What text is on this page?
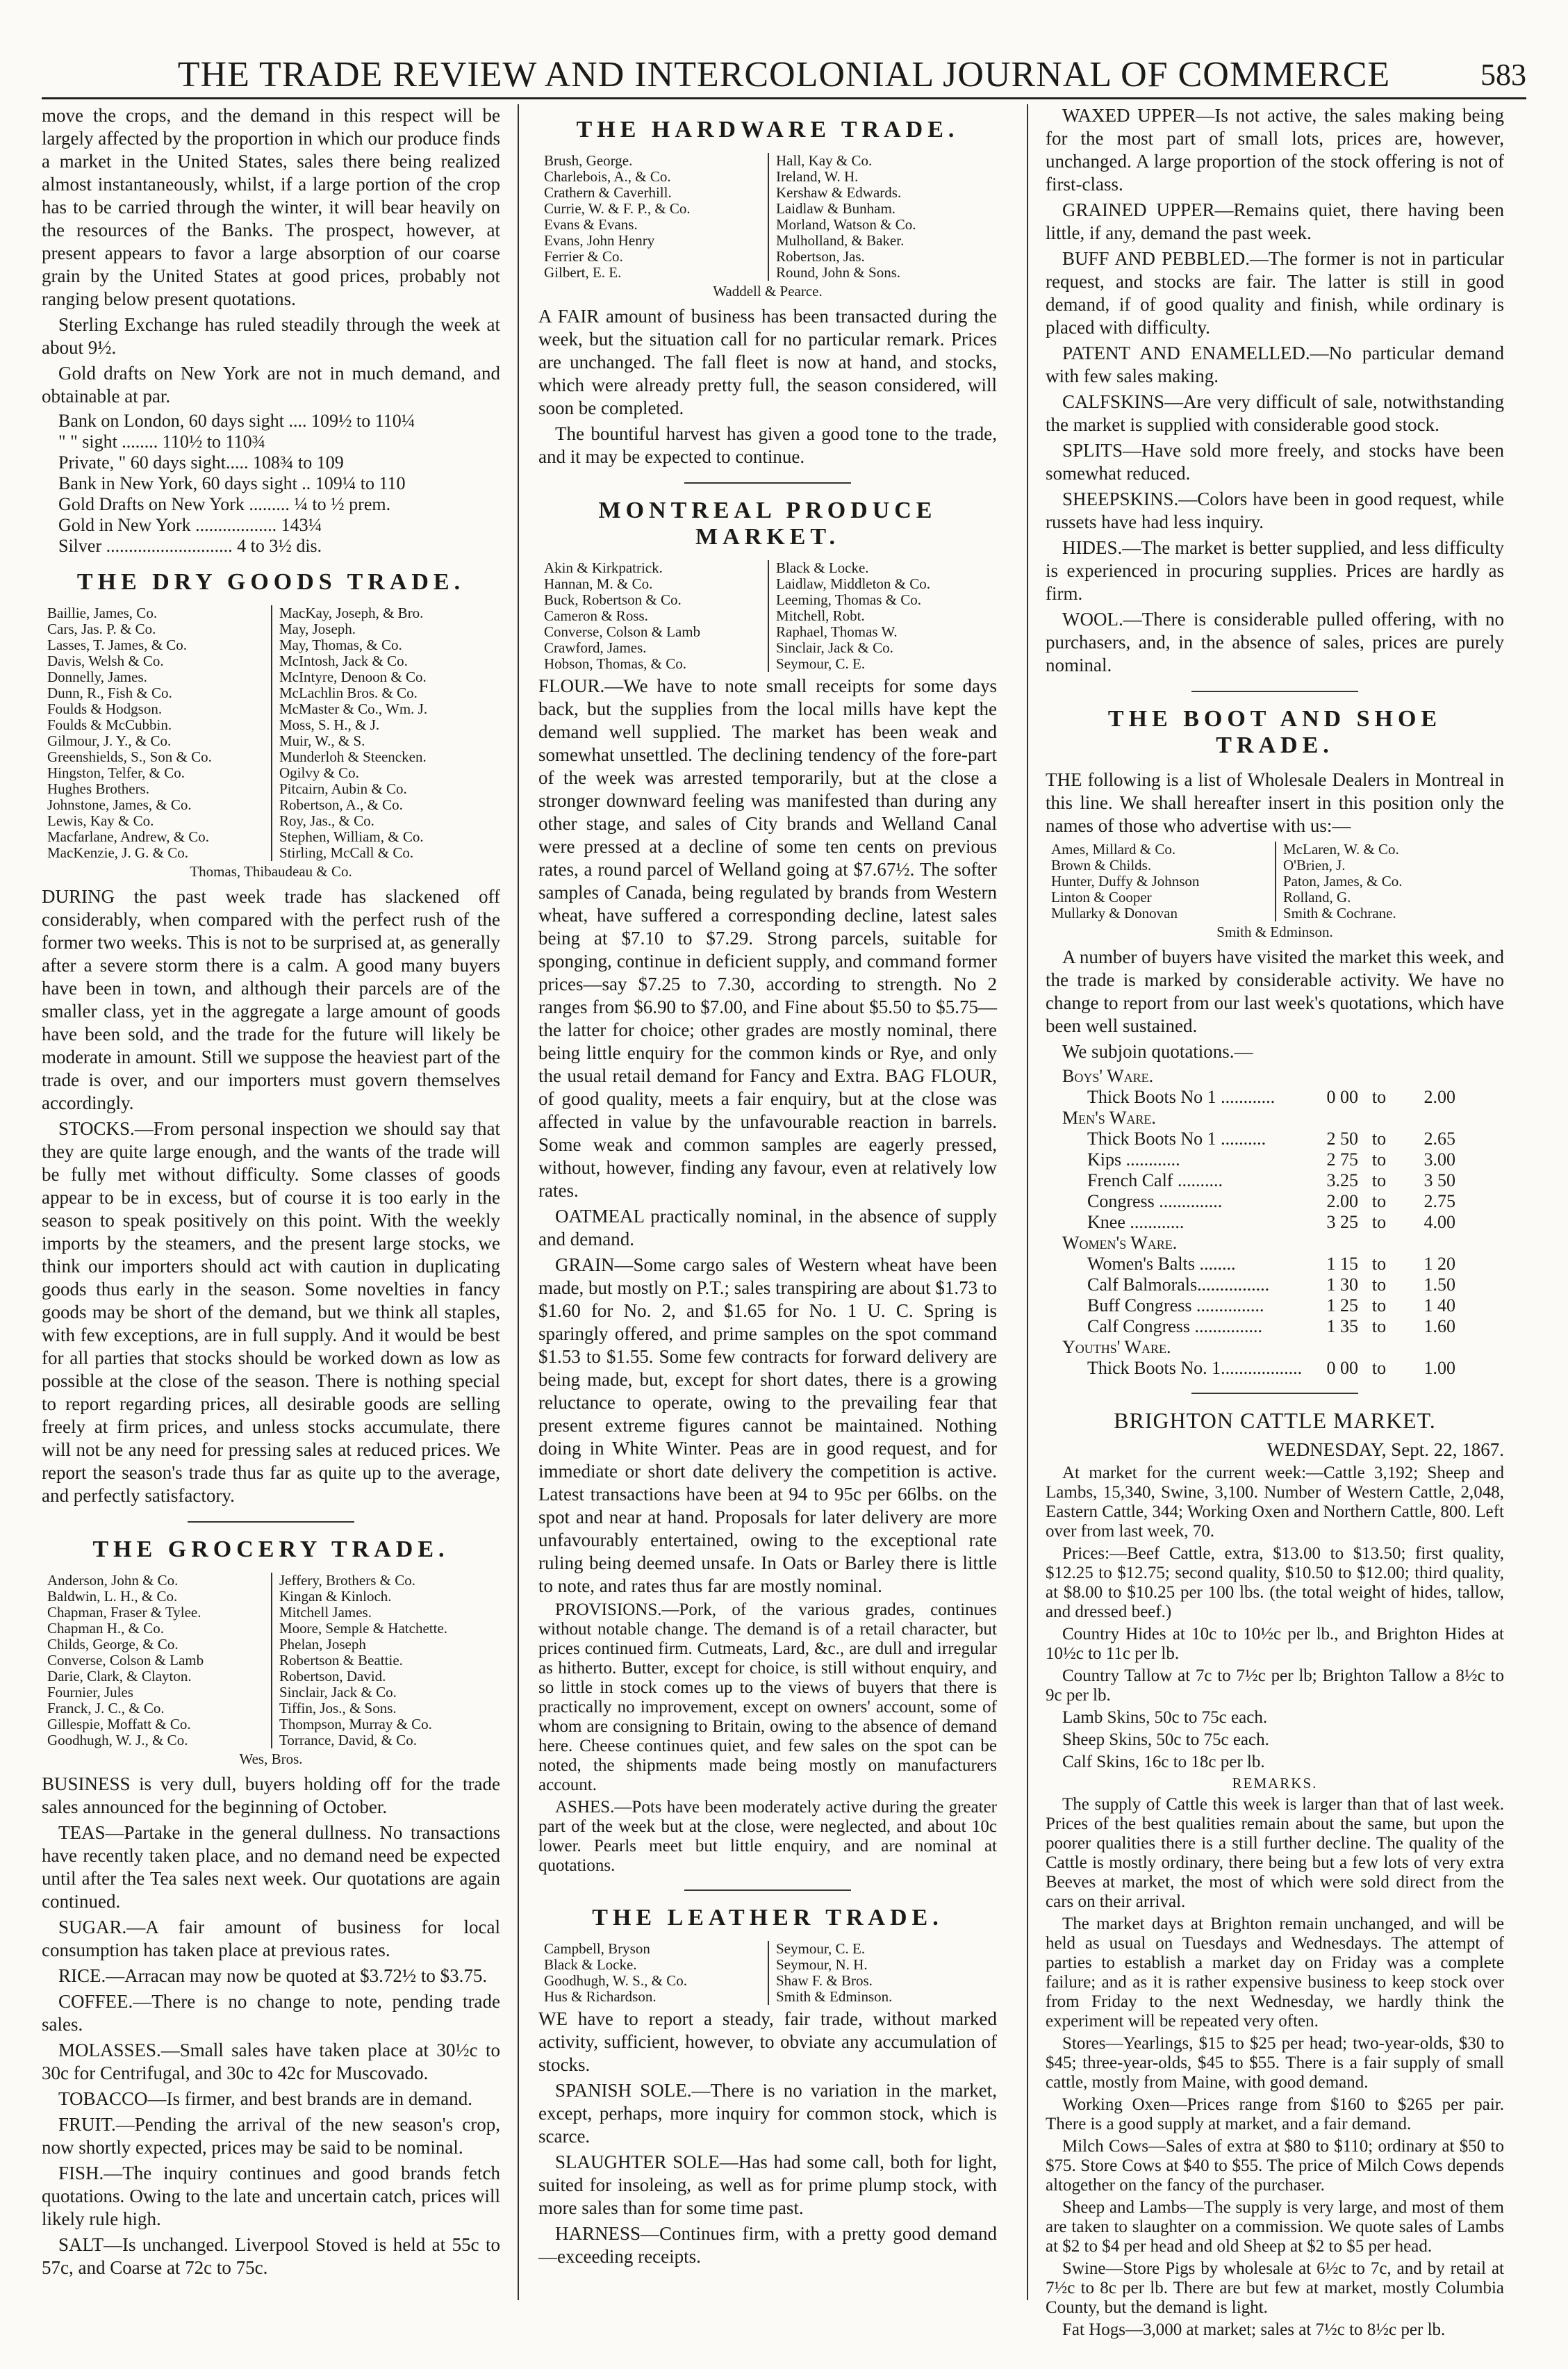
THE TRADE REVIEW AND INTERCOLONIAL JOURNAL OF COMMERCE	583

move the crops, and the demand in this respect will be largely affected by the proportion in which our produce finds a market in the United States, sales there being realized almost instantaneously, whilst, if a large portion of the crop has to be carried through the winter, it will bear heavily on the resources of the Banks. The prospect, however, at present appears to favor a large absorption of our coarse grain by the United States at good prices, probably not ranging below present quotations.

Sterling Exchange has ruled steadily through the week at about 9½.

Gold drafts on New York are not in much demand, and obtainable at par.

Bank on London, 60 days sight .... 109½ to 110¼
" " sight ........ 110½ to 110¾
Private, " 60 days sight..... 108¾ to 109
Bank in New York, 60 days sight .. 109¼ to 110
Gold Drafts on New York ......... ¼ to ½ prem.
Gold in New York .................. 143¼
Silver ............................ 4 to 3½ dis.
THE DRY GOODS TRADE.
Baillie, James, Co.
Cars, Jas. P. & Co.
Lasses, T. James, & Co.
Davis, Welsh & Co.
Donnelly, James.
Dunn, R., Fish & Co.
Foulds & Hodgson.
Foulds & McCubbin.
Gilmour, J. Y., & Co.
Greenshields, S., Son & Co.
Hingston, Telfer, & Co.
Hughes Brothers.
Johnstone, James, & Co.
Lewis, Kay & Co.
Macfarlane, Andrew, & Co.
MacKenzie, J. G. & Co.
MacKay, Joseph, & Bro.
May, Joseph.
May, Thomas, & Co.
McIntosh, Jack & Co.
McIntyre, Denoon & Co.
McLachlin Bros. & Co.
McMaster & Co., Wm. J.
Moss, S. H., & J.
Muir, W., & S.
Munderloh & Steencken.
Ogilvy & Co.
Pitcairn, Aubin & Co.
Robertson, A., & Co.
Roy, Jas., & Co.
Stephen, William, & Co.
Stirling, McCall & Co.
Thomas, Thibaudeau & Co.

DURING the past week trade has slackened off considerably, when compared with the perfect rush of the former two weeks. This is not to be surprised at, as generally after a severe storm there is a calm. A good many buyers have been in town, and although their parcels are of the smaller class, yet in the aggregate a large amount of goods have been sold, and the trade for the future will likely be moderate in amount. Still we suppose the heaviest part of the trade is over, and our importers must govern themselves accordingly.

STOCKS.—From personal inspection we should say that they are quite large enough, and the wants of the trade will be fully met without difficulty. Some classes of goods appear to be in excess, but of course it is too early in the season to speak positively on this point. With the weekly imports by the steamers, and the present large stocks, we think our importers should act with caution in duplicating goods thus early in the season. Some novelties in fancy goods may be short of the demand, but we think all staples, with few exceptions, are in full supply. And it would be best for all parties that stocks should be worked down as low as possible at the close of the season. There is nothing special to report regarding prices, all desirable goods are selling freely at firm prices, and unless stocks accumulate, there will not be any need for pressing sales at reduced prices. We report the season's trade thus far as quite up to the average, and perfectly satisfactory.

THE GROCERY TRADE.
Anderson, John & Co.
Baldwin, L. H., & Co.
Chapman, Fraser & Tylee.
Chapman H., & Co.
Childs, George, & Co.
Converse, Colson & Lamb
Darie, Clark, & Clayton.
Fournier, Jules
Franck, J. C., & Co.
Gillespie, Moffatt & Co.
Goodhugh, W. J., & Co.
Jeffery, Brothers & Co.
Kingan & Kinloch.
Mitchell James.
Moore, Semple & Hatchette.
Phelan, Joseph
Robertson & Beattie.
Robertson, David.
Sinclair, Jack & Co.
Tiffin, Jos., & Sons.
Thompson, Murray & Co.
Torrance, David, & Co.
Wes, Bros.

BUSINESS is very dull, buyers holding off for the trade sales announced for the beginning of October.

TEAS—Partake in the general dullness. No transactions have recently taken place, and no demand need be expected until after the Tea sales next week. Our quotations are again continued.

SUGAR.—A fair amount of business for local consumption has taken place at previous rates.

RICE.—Arracan may now be quoted at $3.72½ to $3.75.

COFFEE.—There is no change to note, pending trade sales.

MOLASSES.—Small sales have taken place at 30½c to 30c for Centrifugal, and 30c to 42c for Muscovado.

TOBACCO—Is firmer, and best brands are in demand.

FRUIT.—Pending the arrival of the new season's crop, now shortly expected, prices may be said to be nominal.

FISH.—The inquiry continues and good brands fetch quotations. Owing to the late and uncertain catch, prices will likely rule high.

SALT—Is unchanged. Liverpool Stoved is held at 55c to 57c, and Coarse at 72c to 75c.

THE HARDWARE TRADE.
Brush, George.
Charlebois, A., & Co.
Crathern & Caverhill.
Currie, W. & F. P., & Co.
Evans & Evans.
Evans, John Henry
Ferrier & Co.
Gilbert, E. E.
Hall, Kay & Co.
Ireland, W. H.
Kershaw & Edwards.
Laidlaw & Bunham.
Morland, Watson & Co.
Mulholland, & Baker.
Robertson, Jas.
Round, John & Sons.
Waddell & Pearce.

A FAIR amount of business has been transacted during the week, but the situation call for no particular remark. Prices are unchanged. The fall fleet is now at hand, and stocks, which were already pretty full, the season considered, will soon be completed.

The bountiful harvest has given a good tone to the trade, and it may be expected to continue.

MONTREAL PRODUCE MARKET.
Akin & Kirkpatrick.
Hannan, M. & Co.
Buck, Robertson & Co.
Cameron & Ross.
Converse, Colson & Lamb
Crawford, James.
Hobson, Thomas, & Co.
Black & Locke.
Laidlaw, Middleton & Co.
Leeming, Thomas & Co.
Mitchell, Robt.
Raphael, Thomas W.
Sinclair, Jack & Co.
Seymour, C. E.

FLOUR.—We have to note small receipts for some days back, but the supplies from the local mills have kept the demand well supplied. The market has been weak and somewhat unsettled. The declining tendency of the fore-part of the week was arrested temporarily, but at the close a stronger downward feeling was manifested than during any other stage, and sales of City brands and Welland Canal were pressed at a decline of some ten cents on previous rates, a round parcel of Welland going at $7.67½. The softer samples of Canada, being regulated by brands from Western wheat, have suffered a corresponding decline, latest sales being at $7.10 to $7.29. Strong parcels, suitable for sponging, continue in deficient supply, and command former prices—say $7.25 to 7.30, according to strength. No 2 ranges from $6.90 to $7.00, and Fine about $5.50 to $5.75—the latter for choice; other grades are mostly nominal, there being little enquiry for the common kinds or Rye, and only the usual retail demand for Fancy and Extra. BAG FLOUR, of good quality, meets a fair enquiry, but at the close was affected in value by the unfavourable reaction in barrels. Some weak and common samples are eagerly pressed, without, however, finding any favour, even at relatively low rates.

OATMEAL practically nominal, in the absence of supply and demand.

GRAIN—Some cargo sales of Western wheat have been made, but mostly on P.T.; sales transpiring are about $1.73 to $1.60 for No. 2, and $1.65 for No. 1 U. C. Spring is sparingly offered, and prime samples on the spot command $1.53 to $1.55. Some few contracts for forward delivery are being made, but, except for short dates, there is a growing reluctance to operate, owing to the prevailing fear that present extreme figures cannot be maintained. Nothing doing in White Winter. Peas are in good request, and for immediate or short date delivery the competition is active. Latest transactions have been at 94 to 95c per 66lbs. on the spot and near at hand. Proposals for later delivery are more unfavourably entertained, owing to the exceptional rate ruling being deemed unsafe. In Oats or Barley there is little to note, and rates thus far are mostly nominal.

PROVISIONS.—Pork, of the various grades, continues without notable change. The demand is of a retail character, but prices continued firm. Cutmeats, Lard, &c., are dull and irregular as hitherto. Butter, except for choice, is still without enquiry, and so little in stock comes up to the views of buyers that there is practically no improvement, except on owners' account, some of whom are consigning to Britain, owing to the absence of demand here. Cheese continues quiet, and few sales on the spot can be noted, the shipments made being mostly on manufacturers account.

ASHES.—Pots have been moderately active during the greater part of the week but at the close, were neglected, and about 10c lower. Pearls meet but little enquiry, and are nominal at quotations.

THE LEATHER TRADE.
Campbell, Bryson
Black & Locke.
Goodhugh, W. S., & Co.
Hus & Richardson.
Seymour, C. E.
Seymour, N. H.
Shaw F. & Bros.
Smith & Edminson.

WE have to report a steady, fair trade, without marked activity, sufficient, however, to obviate any accumulation of stocks.

SPANISH SOLE.—There is no variation in the market, except, perhaps, more inquiry for common stock, which is scarce.

SLAUGHTER SOLE—Has had some call, both for light, suited for insoleing, as well as for prime plump stock, with more sales than for some time past.

HARNESS—Continues firm, with a pretty good demand—exceeding receipts.

WAXED UPPER—Is not active, the sales making being for the most part of small lots, prices are, however, unchanged. A large proportion of the stock offering is not of first-class.

GRAINED UPPER—Remains quiet, there having been little, if any, demand the past week.

BUFF AND PEBBLED.—The former is not in particular request, and stocks are fair. The latter is still in good demand, if of good quality and finish, while ordinary is placed with difficulty.

PATENT AND ENAMELLED.—No particular demand with few sales making.

CALFSKINS—Are very difficult of sale, notwithstanding the market is supplied with considerable good stock.

SPLITS—Have sold more freely, and stocks have been somewhat reduced.

SHEEPSKINS.—Colors have been in good request, while russets have had less inquiry.

HIDES.—The market is better supplied, and less difficulty is experienced in procuring supplies. Prices are hardly as firm.

WOOL.—There is considerable pulled offering, with no purchasers, and, in the absence of sales, prices are purely nominal.

THE BOOT AND SHOE TRADE.

THE following is a list of Wholesale Dealers in Montreal in this line. We shall hereafter insert in this position only the names of those who advertise with us:—

Ames, Millard & Co.
Brown & Childs.
Hunter, Duffy & Johnson
Linton & Cooper
Mullarky & Donovan
McLaren, W. & Co.
O'Brien, J.
Paton, James, & Co.
Rolland, G.
Smith & Cochrane.
Smith & Edminson.

A number of buyers have visited the market this week, and the trade is marked by considerable activity. We have no change to report from our last week's quotations, which have been well sustained.

We subjoin quotations.—

Boys' Ware.
Thick Boots No 1 ............	0 00 to	2.00
Men's Ware.
Thick Boots No 1 ..........	2 50 to	2.65
Kips ............	2 75 to	3.00
French Calf ..........	3.25 to	3 50
Congress ..............	2.00 to	2.75
Knee ............	3 25 to	4.00
Women's Ware.
Women's Balts ........	1 15 to	1 20
Calf Balmorals................	1 30 to	1.50
Buff Congress ...............	1 25 to	1 40
Calf Congress ...............	1 35 to	1.60
Youths' Ware.
Thick Boots No. 1..................	0 00 to	1.00
BRIGHTON CATTLE MARKET.
WEDNESDAY, Sept. 22, 1867.

At market for the current week:—Cattle 3,192; Sheep and Lambs, 15,340, Swine, 3,100. Number of Western Cattle, 2,048, Eastern Cattle, 344; Working Oxen and Northern Cattle, 800. Left over from last week, 70.

Prices:—Beef Cattle, extra, $13.00 to $13.50; first quality, $12.25 to $12.75; second quality, $10.50 to $12.00; third quality, at $8.00 to $10.25 per 100 lbs. (the total weight of hides, tallow, and dressed beef.)

Country Hides at 10c to 10½c per lb., and Brighton Hides at 10½c to 11c per lb.

Country Tallow at 7c to 7½c per lb; Brighton Tallow a 8½c to 9c per lb.

Lamb Skins, 50c to 75c each.

Sheep Skins, 50c to 75c each.

Calf Skins, 16c to 18c per lb.

REMARKS.

The supply of Cattle this week is larger than that of last week. Prices of the best qualities remain about the same, but upon the poorer qualities there is a still further decline. The quality of the Cattle is mostly ordinary, there being but a few lots of very extra Beeves at market, the most of which were sold direct from the cars on their arrival.

The market days at Brighton remain unchanged, and will be held as usual on Tuesdays and Wednesdays. The attempt of parties to establish a market day on Friday was a complete failure; and as it is rather expensive business to keep stock over from Friday to the next Wednesday, we hardly think the experiment will be repeated very often.

Stores—Yearlings, $15 to $25 per head; two-year-olds, $30 to $45; three-year-olds, $45 to $55. There is a fair supply of small cattle, mostly from Maine, with good demand.

Working Oxen—Prices range from $160 to $265 per pair. There is a good supply at market, and a fair demand.

Milch Cows—Sales of extra at $80 to $110; ordinary at $50 to $75. Store Cows at $40 to $55. The price of Milch Cows depends altogether on the fancy of the purchaser.

Sheep and Lambs—The supply is very large, and most of them are taken to slaughter on a commission. We quote sales of Lambs at $2 to $4 per head and old Sheep at $2 to $5 per head.

Swine—Store Pigs by wholesale at 6½c to 7c, and by retail at 7½c to 8c per lb. There are but few at market, mostly Columbia County, but the demand is light.

Fat Hogs—3,000 at market; sales at 7½c to 8½c per lb.
